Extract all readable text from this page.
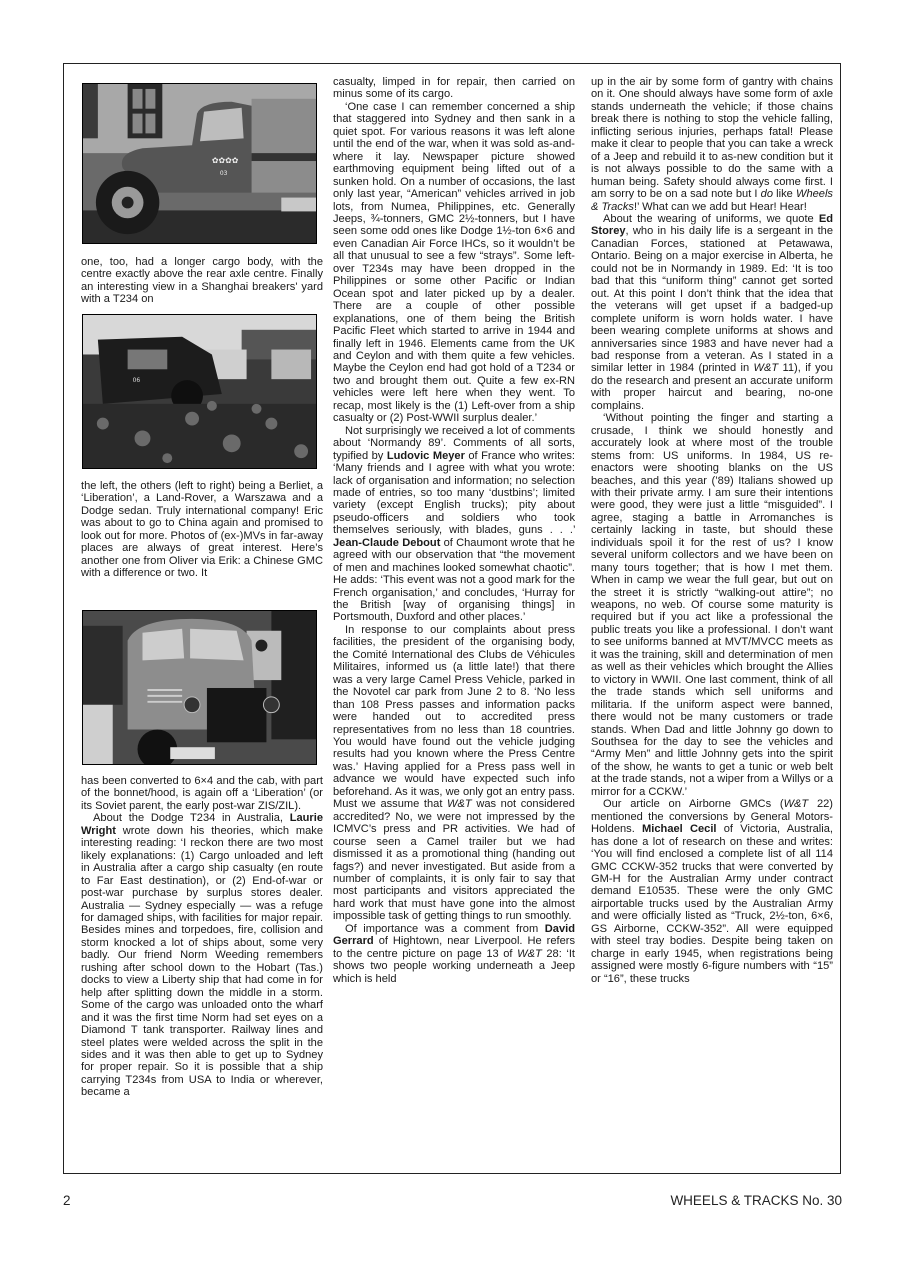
✿✿✿✿
03

one, too, had a longer cargo body, with the centre exactly above the rear axle centre. Finally an interesting view in a Shanghai breakers' yard with a T234 on

06

the left, the others (left to right) being a Berliet, a ‘Liberation’, a Land-Rover, a Warszawa and a Dodge sedan. Truly international company! Eric was about to go to China again and promised to look out for more. Photos of (ex-)MVs in far-away places are always of great interest. Here’s another one from Oliver via Erik: a Chinese GMC with a difference or two. It

has been converted to 6×4 and the cab, with part of the bonnet/hood, is again off a ‘Liberation’ (or its Soviet parent, the early post-war ZIS/ZIL).

About the Dodge T234 in Australia, Laurie Wright wrote down his theories, which make interesting reading: ‘I reckon there are two most likely explanations: (1) Cargo unloaded and left in Australia after a cargo ship casualty (en route to Far East destination), or (2) End-of-war or post-war purchase by surplus stores dealer. Australia — Sydney especially — was a refuge for damaged ships, with facilities for major repair. Besides mines and torpedoes, fire, collision and storm knocked a lot of ships about, some very badly. Our friend Norm Weeding remembers rushing after school down to the Hobart (Tas.) docks to view a Liberty ship that had come in for help after splitting down the middle in a storm. Some of the cargo was unloaded onto the wharf and it was the first time Norm had set eyes on a Diamond T tank transporter. Railway lines and steel plates were welded across the split in the sides and it was then able to get up to Sydney for proper repair. So it is possible that a ship carrying T234s from USA to India or wherever, became a

casualty, limped in for repair, then carried on minus some of its cargo.

‘One case I can remember concerned a ship that staggered into Sydney and then sank in a quiet spot. For various reasons it was left alone until the end of the war, when it was sold as-and-where it lay. Newspaper picture showed earthmoving equipment being lifted out of a sunken hold. On a number of occasions, the last only last year, “American” vehicles arrived in job lots, from Numea, Philippines, etc. Generally Jeeps, ¾-tonners, GMC 2½-tonners, but I have seen some odd ones like Dodge 1½-ton 6×6 and even Canadian Air Force IHCs, so it wouldn’t be all that unusual to see a few “strays”. Some left-over T234s may have been dropped in the Philippines or some other Pacific or Indian Ocean spot and later picked up by a dealer. There are a couple of other possible explanations, one of them being the British Pacific Fleet which started to arrive in 1944 and finally left in 1946. Elements came from the UK and Ceylon and with them quite a few vehicles. Maybe the Ceylon end had got hold of a T234 or two and brought them out. Quite a few ex-RN vehicles were left here when they went. To recap, most likely is the (1) Left-over from a ship casualty or (2) Post-WWII surplus dealer.’

Not surprisingly we received a lot of comments about ‘Normandy 89’. Comments of all sorts, typified by Ludovic Meyer of France who writes: ‘Many friends and I agree with what you wrote: lack of organisation and information; no selection made of entries, so too many ‘dustbins’; limited variety (except English trucks); pity about pseudo-officers and soldiers who took themselves seriously, with blades, guns . . .’ Jean-Claude Debout of Chaumont wrote that he agreed with our observation that “the movement of men and machines looked somewhat chaotic”. He adds: ‘This event was not a good mark for the French organisation,’ and concludes, ‘Hurray for the British [way of organising things] in Portsmouth, Duxford and other places.’

In response to our complaints about press facilities, the president of the organising body, the Comité International des Clubs de Véhicules Militaires, informed us (a little late!) that there was a very large Camel Press Vehicle, parked in the Novotel car park from June 2 to 8. ‘No less than 108 Press passes and information packs were handed out to accredited press representatives from no less than 18 countries. You would have found out the vehicle judging results had you known where the Press Centre was.’ Having applied for a Press pass well in advance we would have expected such info beforehand. As it was, we only got an entry pass. Must we assume that W&T was not considered accredited? No, we were not impressed by the ICMVC’s press and PR activities. We had of course seen a Camel trailer but we had dismissed it as a promotional thing (handing out fags?) and never investigated. But aside from a number of complaints, it is only fair to say that most participants and visitors appreciated the hard work that must have gone into the almost impossible task of getting things to run smoothly.

Of importance was a comment from David Gerrard of Hightown, near Liverpool. He refers to the centre picture on page 13 of W&T 28: ‘It shows two people working underneath a Jeep which is held

up in the air by some form of gantry with chains on it. One should always have some form of axle stands underneath the vehicle; if those chains break there is nothing to stop the vehicle falling, inflicting serious injuries, perhaps fatal! Please make it clear to people that you can take a wreck of a Jeep and rebuild it to as-new condition but it is not always possible to do the same with a human being. Safety should always come first. I am sorry to be on a sad note but I do like Wheels & Tracks!’ What can we add but Hear! Hear!

About the wearing of uniforms, we quote Ed Storey, who in his daily life is a sergeant in the Canadian Forces, stationed at Petawawa, Ontario. Being on a major exercise in Alberta, he could not be in Normandy in 1989. Ed: ‘It is too bad that this “uniform thing” cannot get sorted out. At this point I don’t think that the idea that the veterans will get upset if a badged-up complete uniform is worn holds water. I have been wearing complete uniforms at shows and anniversaries since 1983 and have never had a bad response from a veteran. As I stated in a similar letter in 1984 (printed in W&T 11), if you do the research and present an accurate uniform with proper haircut and bearing, no-one complains.

‘Without pointing the finger and starting a crusade, I think we should honestly and accurately look at where most of the trouble stems from: US uniforms. In 1984, US re-enactors were shooting blanks on the US beaches, and this year (’89) Italians showed up with their private army. I am sure their intentions were good, they were just a little “misguided”. I agree, staging a battle in Arromanches is certainly lacking in taste, but should these individuals spoil it for the rest of us? I know several uniform collectors and we have been on many tours together; that is how I met them. When in camp we wear the full gear, but out on the street it is strictly “walking-out attire”; no weapons, no web. Of course some maturity is required but if you act like a professional the public treats you like a professional. I don’t want to see uniforms banned at MVT/MVCC meets as it was the training, skill and determination of men as well as their vehicles which brought the Allies to victory in WWII. One last comment, think of all the trade stands which sell uniforms and militaria. If the uniform aspect were banned, there would not be many customers or trade stands. When Dad and little Johnny go down to Southsea for the day to see the vehicles and “Army Men” and little Johnny gets into the spirit of the show, he wants to get a tunic or web belt at the trade stands, not a wiper from a Willys or a mirror for a CCKW.’

Our article on Airborne GMCs (W&T 22) mentioned the conversions by General Motors-Holdens. Michael Cecil of Victoria, Australia, has done a lot of research on these and writes: ‘You will find enclosed a complete list of all 114 GMC CCKW-352 trucks that were converted by GM-H for the Australian Army under contract demand E10535. These were the only GMC airportable trucks used by the Australian Army and were officially listed as “Truck, 2½-ton, 6×6, GS Airborne, CCKW-352”. All were equipped with steel tray bodies. Despite being taken on charge in early 1945, when registrations being assigned were mostly 6-figure numbers with “15” or “16”, these trucks

2	WHEELS & TRACKS No. 30
